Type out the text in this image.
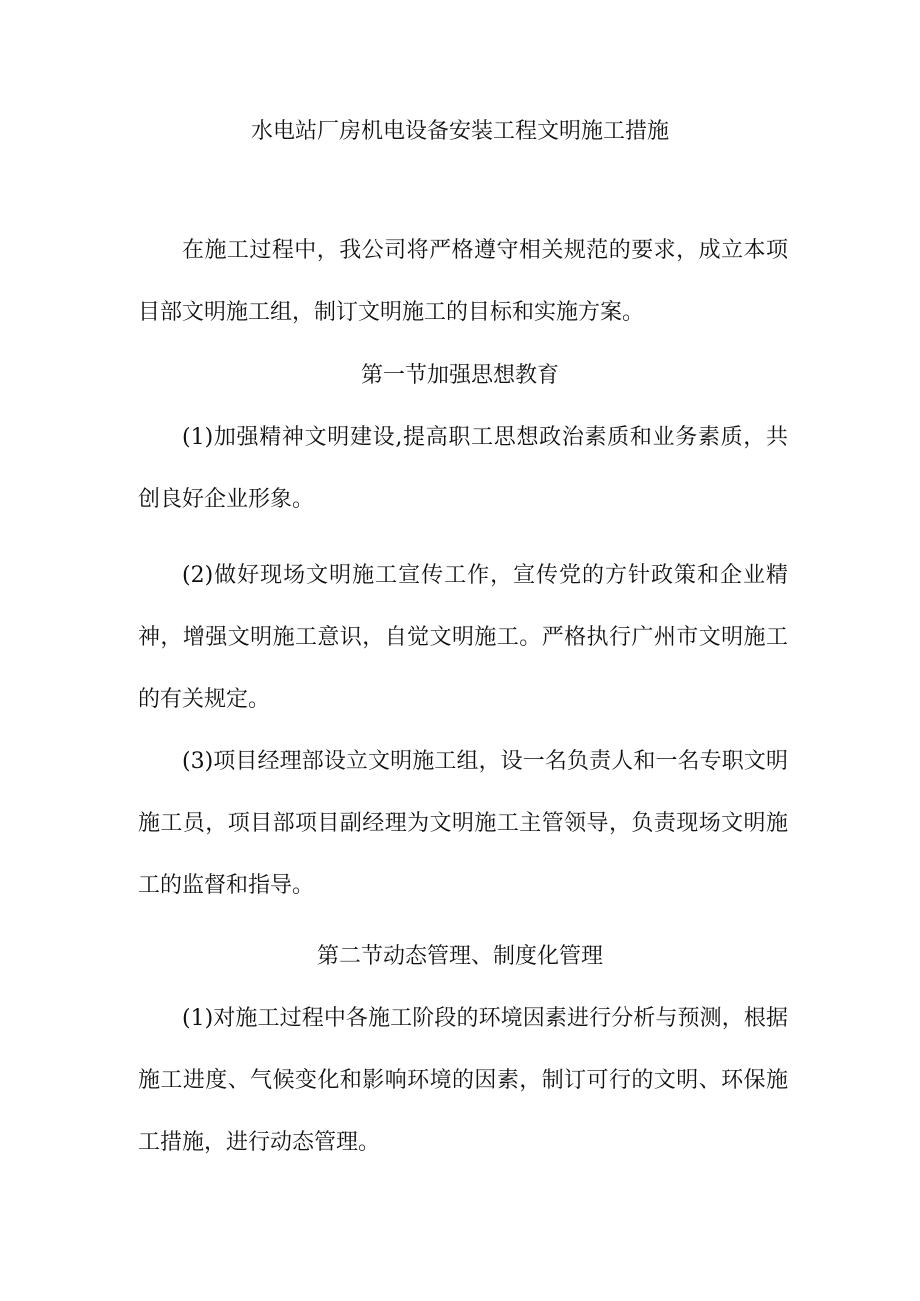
水电站厂房机电设备安装工程文明施工措施

在施工过程中，我公司将严格遵守相关规范的要求，成立本项目部文明施工组，制订文明施工的目标和实施方案。

第一节加强思想教育

(1)加强精神文明建设,提高职工思想政治素质和业务素质，共创良好企业形象。

(2)做好现场文明施工宣传工作，宣传党的方针政策和企业精神，增强文明施工意识，自觉文明施工。严格执行广州市文明施工的有关规定。

(3)项目经理部设立文明施工组，设一名负责人和一名专职文明施工员，项目部项目副经理为文明施工主管领导，负责现场文明施工的监督和指导。

第二节动态管理、制度化管理

(1)对施工过程中各施工阶段的环境因素进行分析与预测，根据施工进度、气候变化和影响环境的因素，制订可行的文明、环保施工措施，进行动态管理。
